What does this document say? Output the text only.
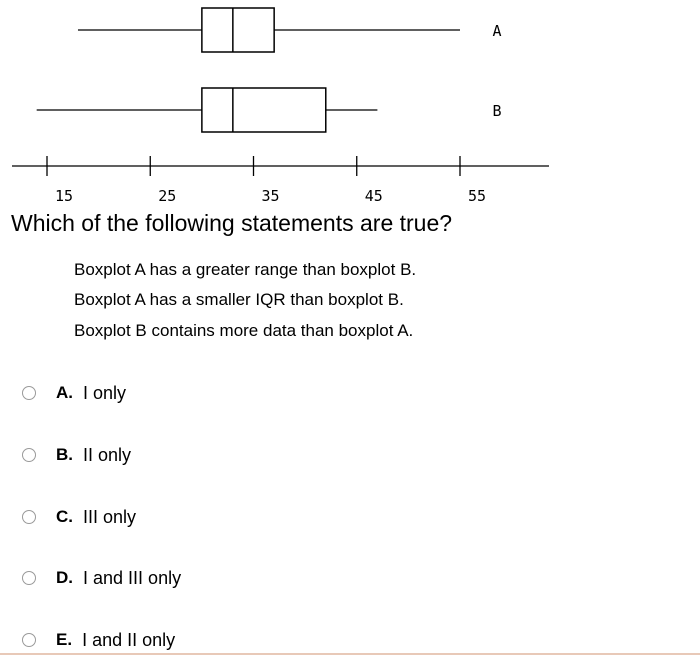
A
B
15	25	35	45	55
Which of the following statements are true?
Boxplot A has a greater range than boxplot B.
Boxplot A has a smaller IQR than boxplot B.
Boxplot B contains more data than boxplot A.
A . I only
B . II only
C . III only
D . I and III only
E . I and II only
